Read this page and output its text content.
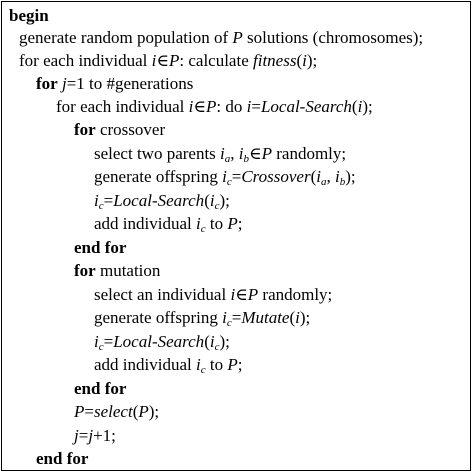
begin
generate random population of P solutions (chromosomes);
for each individual i∈P: calculate fitness(i);
for j=1 to #generations
for each individual i∈P: do i=Local-Search(i);
for crossover
select two parents $i_a$, $i_b\in P$ randomly;
generate offspring $i_c=Crossover(i_a$, $i_b$);
$i_c=Local-Search(i_c)$;
add individual $i_c$ to P;
end for
for mutation
select an individual i∈P randomly;
generate offspring $i_c=Mutate(i)$;
$i_c=Local-Search(i_c)$;
add individual $i_c$ to P;
end for
P=select(P);
j=j+1;
end for
